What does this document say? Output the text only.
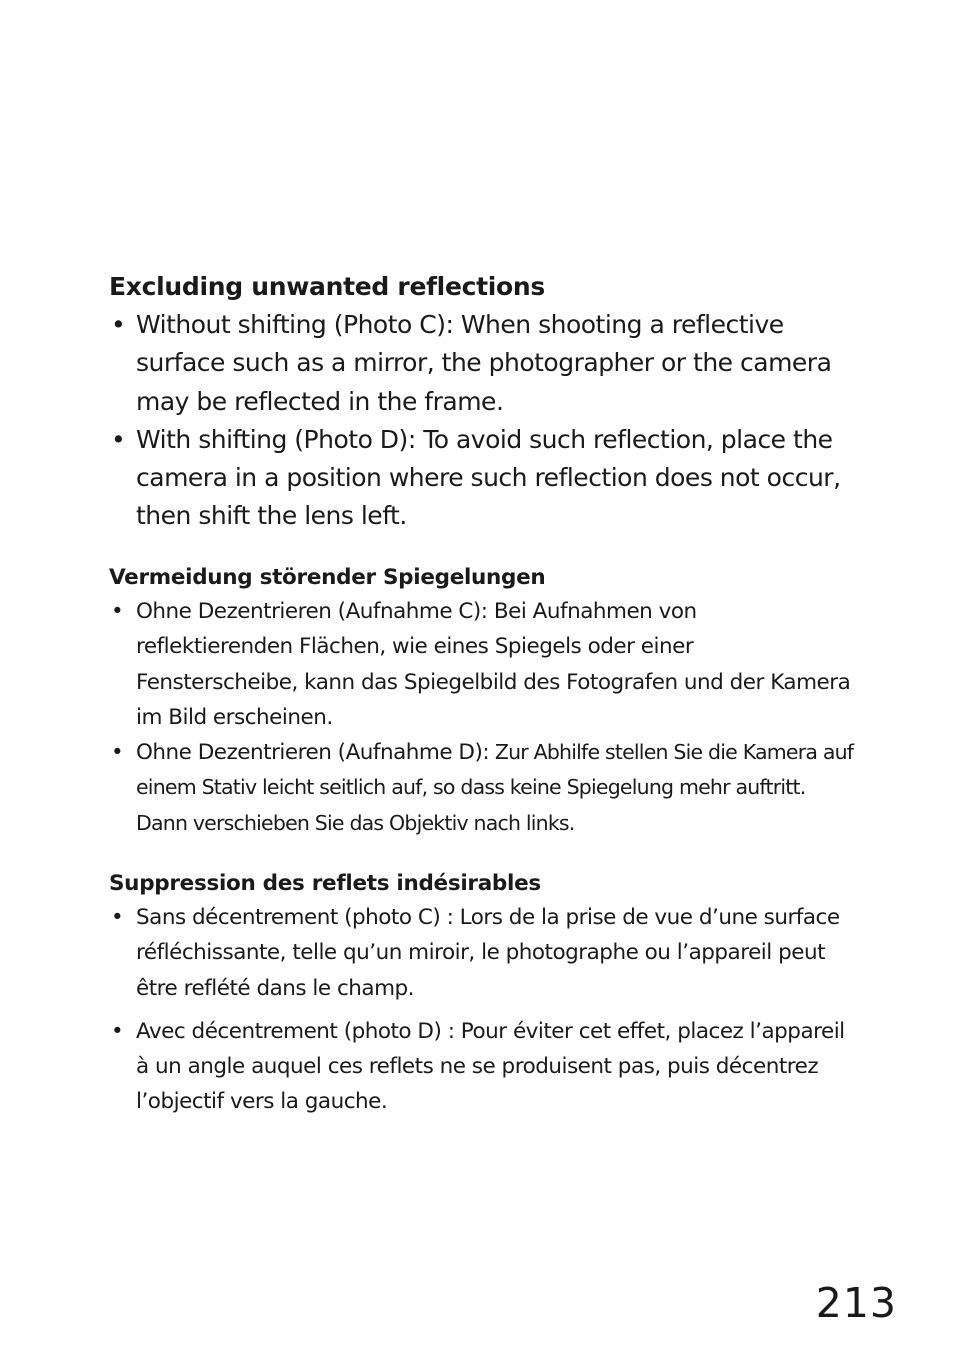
Excluding unwanted reflections
• Without shifting (Photo C): When shooting a reflective surface such as a mirror, the photographer or the camera may be reflected in the frame.
• With shifting (Photo D): To avoid such reflection, place the camera in a position where such reflection does not occur, then shift the lens left.
Vermeidung störender Spiegelungen
• Ohne Dezentrieren (Aufnahme C): Bei Aufnahmen von reflektierenden Flächen, wie eines Spiegels oder einer Fensterscheibe, kann das Spiegelbild des Fotografen und der Kamera im Bild erscheinen.
• Ohne Dezentrieren (Aufnahme D): Zur Abhilfe stellen Sie die Kamera auf einem Stativ leicht seitlich auf, so dass keine Spiegelung mehr auftritt. Dann verschieben Sie das Objektiv nach links.
Suppression des reflets indésirables
• Sans décentrement (photo C) : Lors de la prise de vue d’une surface réfléchissante, telle qu’un miroir, le photographe ou l’appareil peut être reflété dans le champ.
• Avec décentrement (photo D) : Pour éviter cet effet, placez l’appareil à un angle auquel ces reflets ne se produisent pas, puis décentrez l’objectif vers la gauche.
213
